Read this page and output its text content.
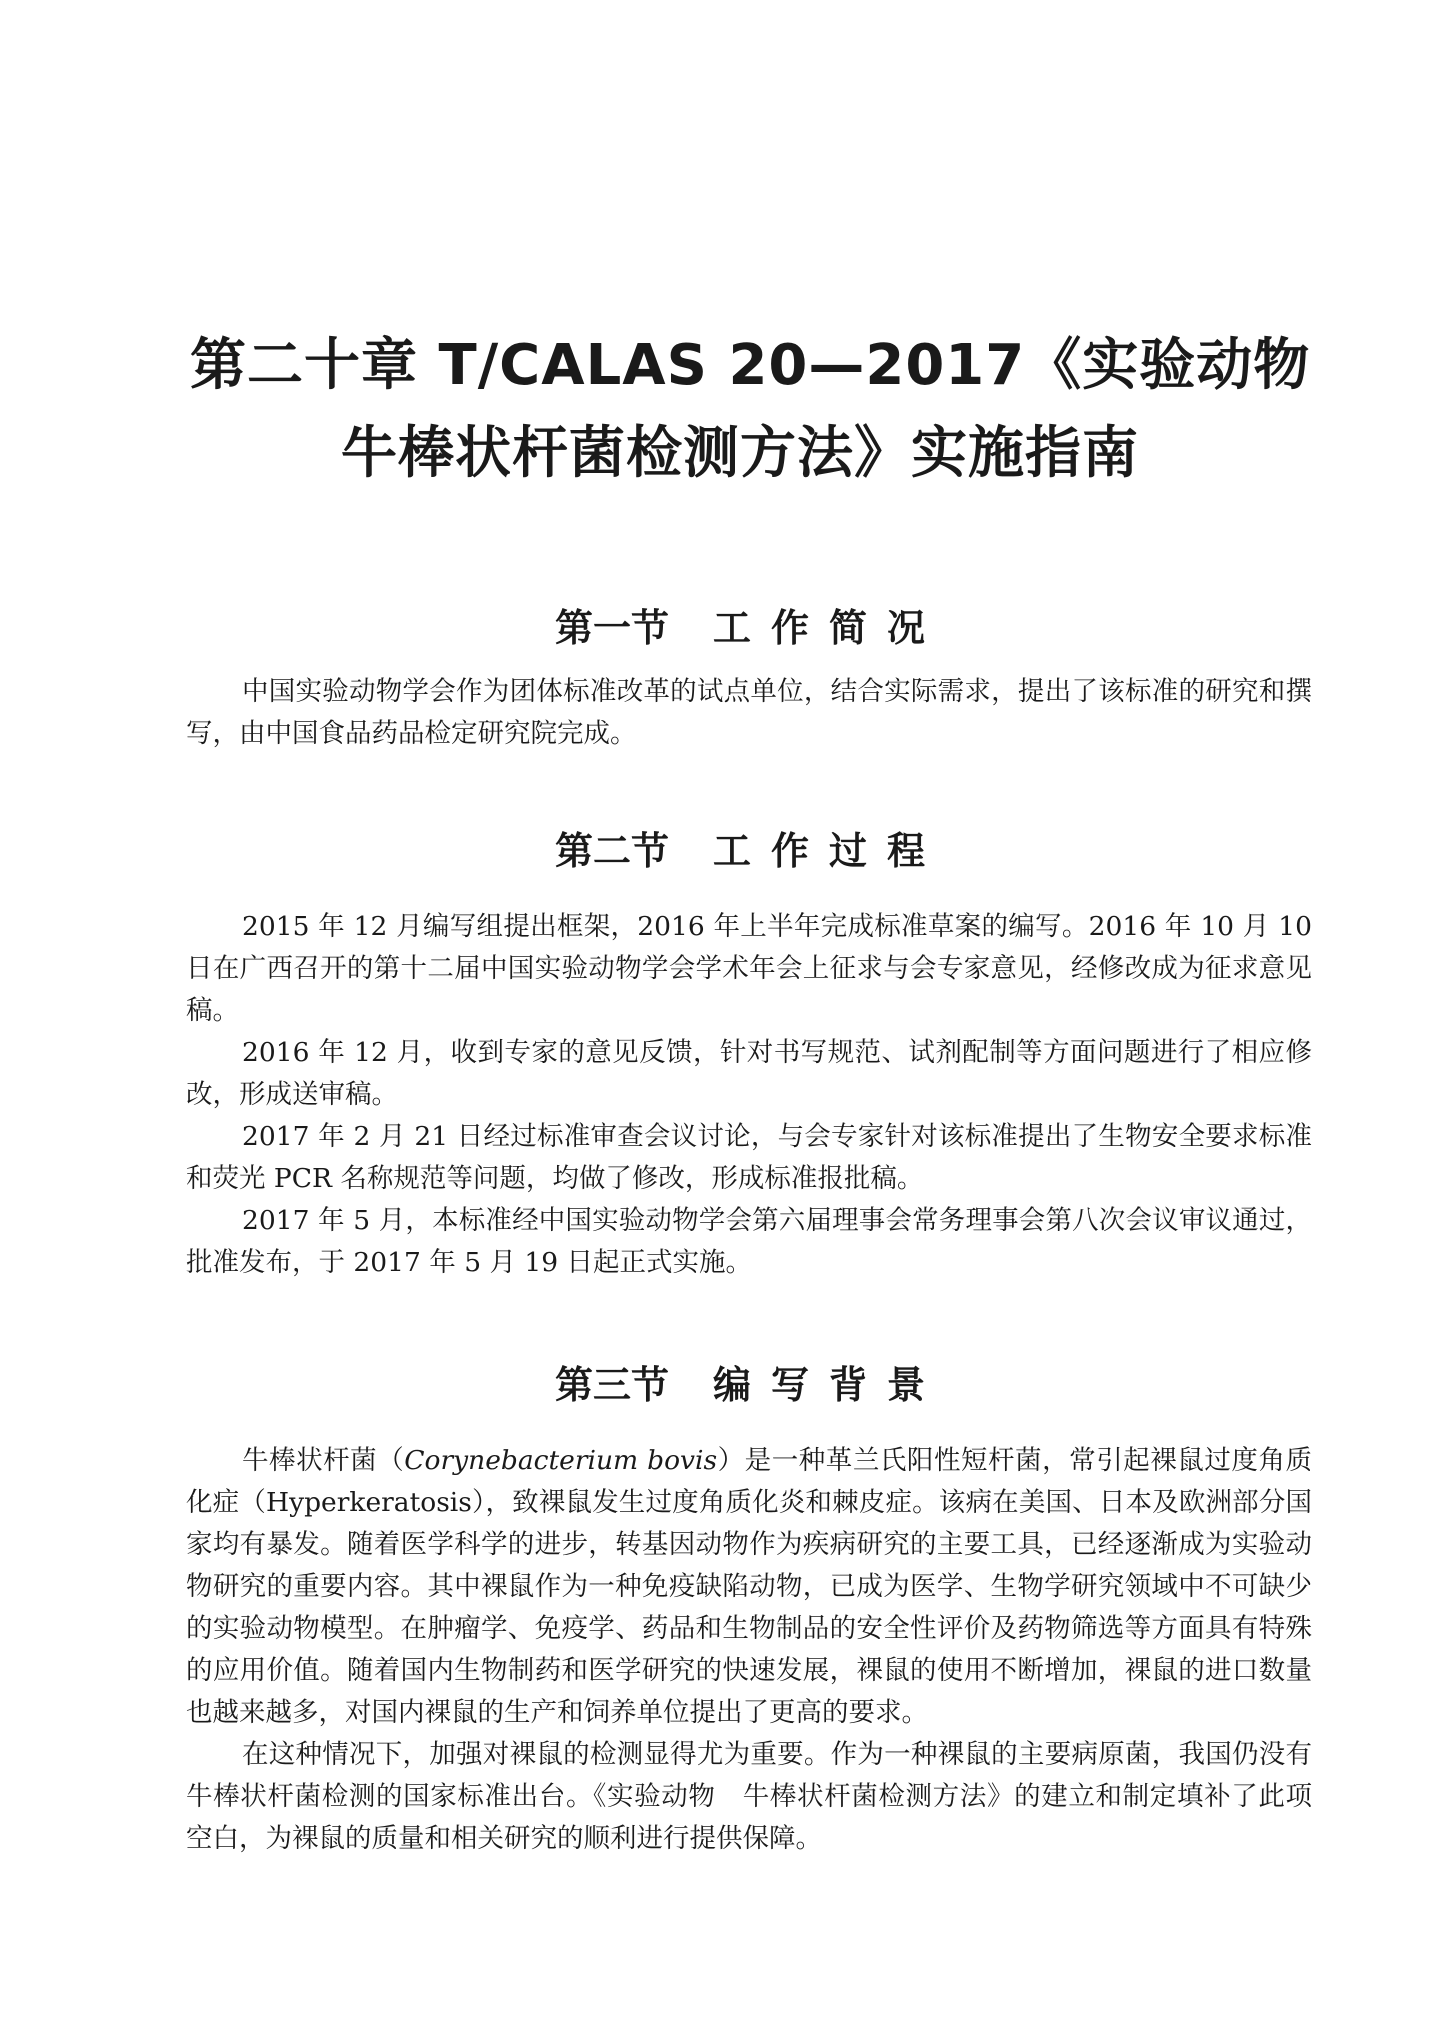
第二十章 T/CALAS 20—2017《实验动物
牛棒状杆菌检测方法》实施指南
第一节 工作简况

中国实验动物学会作为团体标准改革的试点单位，结合实际需求，提出了该标准的研究和撰写，由中国食品药品检定研究院完成。

第二节 工作过程

2015 年 12 月编写组提出框架，2016 年上半年完成标准草案的编写。2016 年 10 月 10 日在广西召开的第十二届中国实验动物学会学术年会上征求与会专家意见，经修改成为征求意见稿。

2016 年 12 月，收到专家的意见反馈，针对书写规范、试剂配制等方面问题进行了相应修改，形成送审稿。

2017 年 2 月 21 日经过标准审查会议讨论，与会专家针对该标准提出了生物安全要求标准和荧光 PCR 名称规范等问题，均做了修改，形成标准报批稿。

2017 年 5 月，本标准经中国实验动物学会第六届理事会常务理事会第八次会议审议通过，批准发布，于 2017 年 5 月 19 日起正式实施。

第三节 编写背景

牛棒状杆菌（Corynebacterium bovis）是一种革兰氏阳性短杆菌，常引起裸鼠过度角质化症（Hyperkeratosis），致裸鼠发生过度角质化炎和棘皮症。该病在美国、日本及欧洲部分国家均有暴发。随着医学科学的进步，转基因动物作为疾病研究的主要工具，已经逐渐成为实验动物研究的重要内容。其中裸鼠作为一种免疫缺陷动物，已成为医学、生物学研究领域中不可缺少的实验动物模型。在肿瘤学、免疫学、药品和生物制品的安全性评价及药物筛选等方面具有特殊的应用价值。随着国内生物制药和医学研究的快速发展，裸鼠的使用不断增加，裸鼠的进口数量也越来越多，对国内裸鼠的生产和饲养单位提出了更高的要求。

在这种情况下，加强对裸鼠的检测显得尤为重要。作为一种裸鼠的主要病原菌，我国仍没有牛棒状杆菌检测的国家标准出台。《实验动物　牛棒状杆菌检测方法》的建立和制定填补了此项空白，为裸鼠的质量和相关研究的顺利进行提供保障。
